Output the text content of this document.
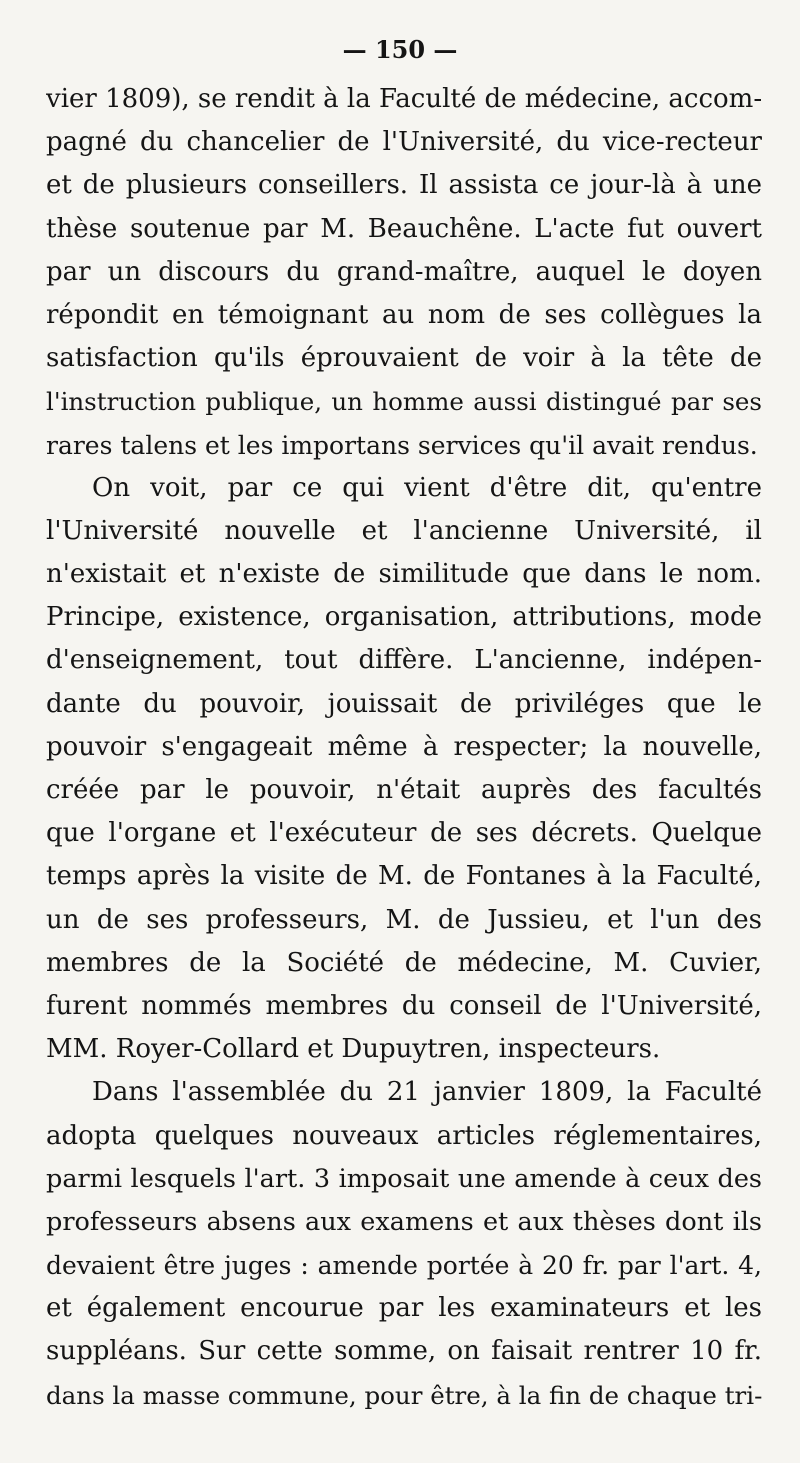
— 150 —
vier 1809), se rendit à la Faculté de médecine, accom-
pagné du chancelier de l'Université, du vice-recteur
et de plusieurs conseillers. Il assista ce jour-là à une
thèse soutenue par M. Beauchêne. L'acte fut ouvert
par un discours du grand-maître, auquel le doyen
répondit en témoignant au nom de ses collègues la
satisfaction qu'ils éprouvaient de voir à la tête de
l'instruction publique, un homme aussi distingué par ses
rares talens et les importans services qu'il avait rendus.
On voit, par ce qui vient d'être dit, qu'entre
l'Université nouvelle et l'ancienne Université, il
n'existait et n'existe de similitude que dans le nom.
Principe, existence, organisation, attributions, mode
d'enseignement, tout diffère. L'ancienne, indépen-
dante du pouvoir, jouissait de priviléges que le
pouvoir s'engageait même à respecter; la nouvelle,
créée par le pouvoir, n'était auprès des facultés
que l'organe et l'exécuteur de ses décrets. Quelque
temps après la visite de M. de Fontanes à la Faculté,
un de ses professeurs, M. de Jussieu, et l'un des
membres de la Société de médecine, M. Cuvier,
furent nommés membres du conseil de l'Université,
MM. Royer-Collard et Dupuytren, inspecteurs.
Dans l'assemblée du 21 janvier 1809, la Faculté
adopta quelques nouveaux articles réglementaires,
parmi lesquels l'art. 3 imposait une amende à ceux des
professeurs absens aux examens et aux thèses dont ils
devaient être juges : amende portée à 20 fr. par l'art. 4,
et également encourue par les examinateurs et les
suppléans. Sur cette somme, on faisait rentrer 10 fr.
dans la masse commune, pour être, à la fin de chaque tri-
